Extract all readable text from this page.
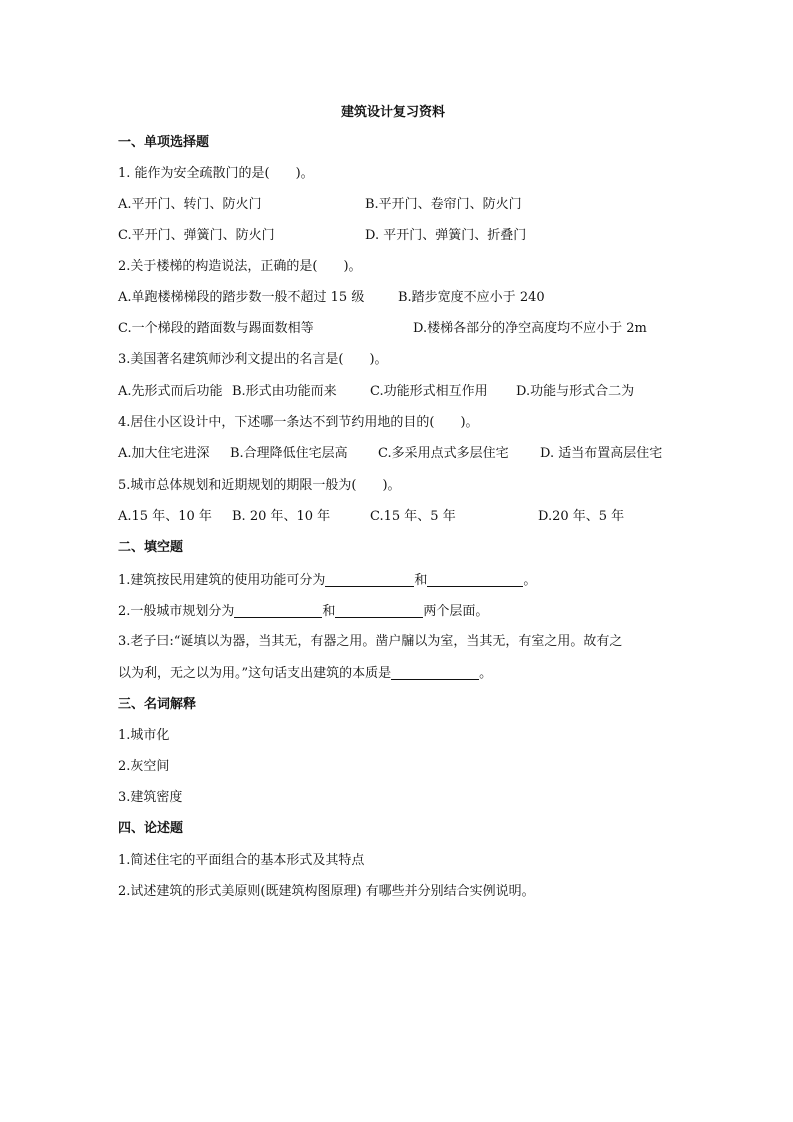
建筑设计复习资料
一、单项选择题
1. 能作为安全疏散门的是(　　)。
A.平开门、转门、防火门	B.平开门、卷帘门、防火门
C.平开门、弹簧门、防火门	D. 平开门、弹簧门、折叠门
2.关于楼梯的构造说法，正确的是(　　)。
A.单跑楼梯梯段的踏步数一般不超过 15 级	B.踏步宽度不应小于 240
C.一个梯段的踏面数与踢面数相等	D.楼梯各部分的净空高度均不应小于 2m
3.美国著名建筑师沙利文提出的名言是(　　)。
A.先形式而后功能 B.形式由功能而来	C.功能形式相互作用 D.功能与形式合二为
4.居住小区设计中，下述哪一条达不到节约用地的目的(　　)。
A.加大住宅进深 B.合理降低住宅层高 C.多采用点式多层住宅 D. 适当布置高层住宅
5.城市总体规划和近期规划的期限一般为(　　)。
A.15 年、10 年 B. 20 年、10 年	C.15 年、5 年	D.20 年、5 年
二、填空题
1.建筑按民用建筑的使用功能可分为	和	。
2.一般城市规划分为	和	两个层面。
3.老子曰:“诞填以为器，当其无，有器之用。凿户牖以为室，当其无，有室之用。故有之
以为利，无之以为用。”这句话支出建筑的本质是	。
三、名词解释
1.城市化
2.灰空间
3.建筑密度
四、论述题
1.简述住宅的平面组合的基本形式及其特点
2.试述建筑的形式美原则(既建筑构图原理) 有哪些并分别结合实例说明。
